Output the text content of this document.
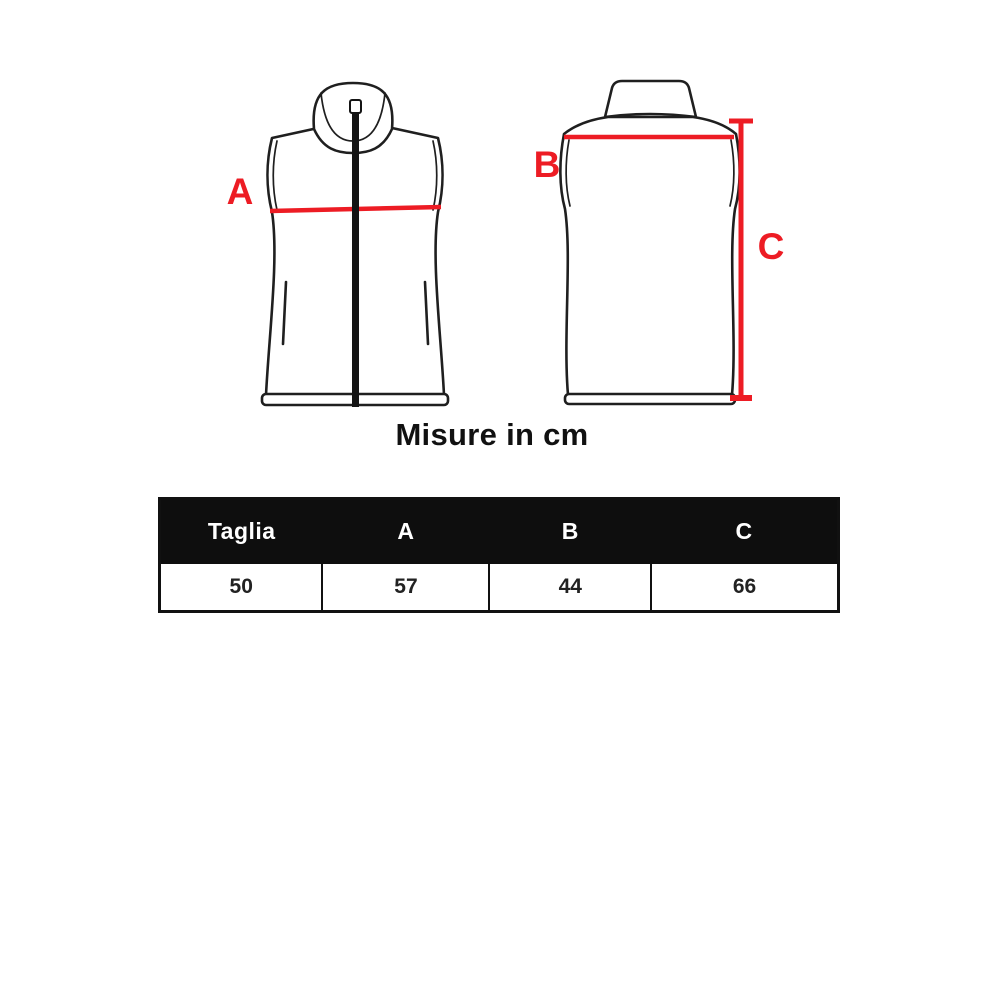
A
B
C
Misure in cm
Taglia	A	B	C
50	57	44	66
